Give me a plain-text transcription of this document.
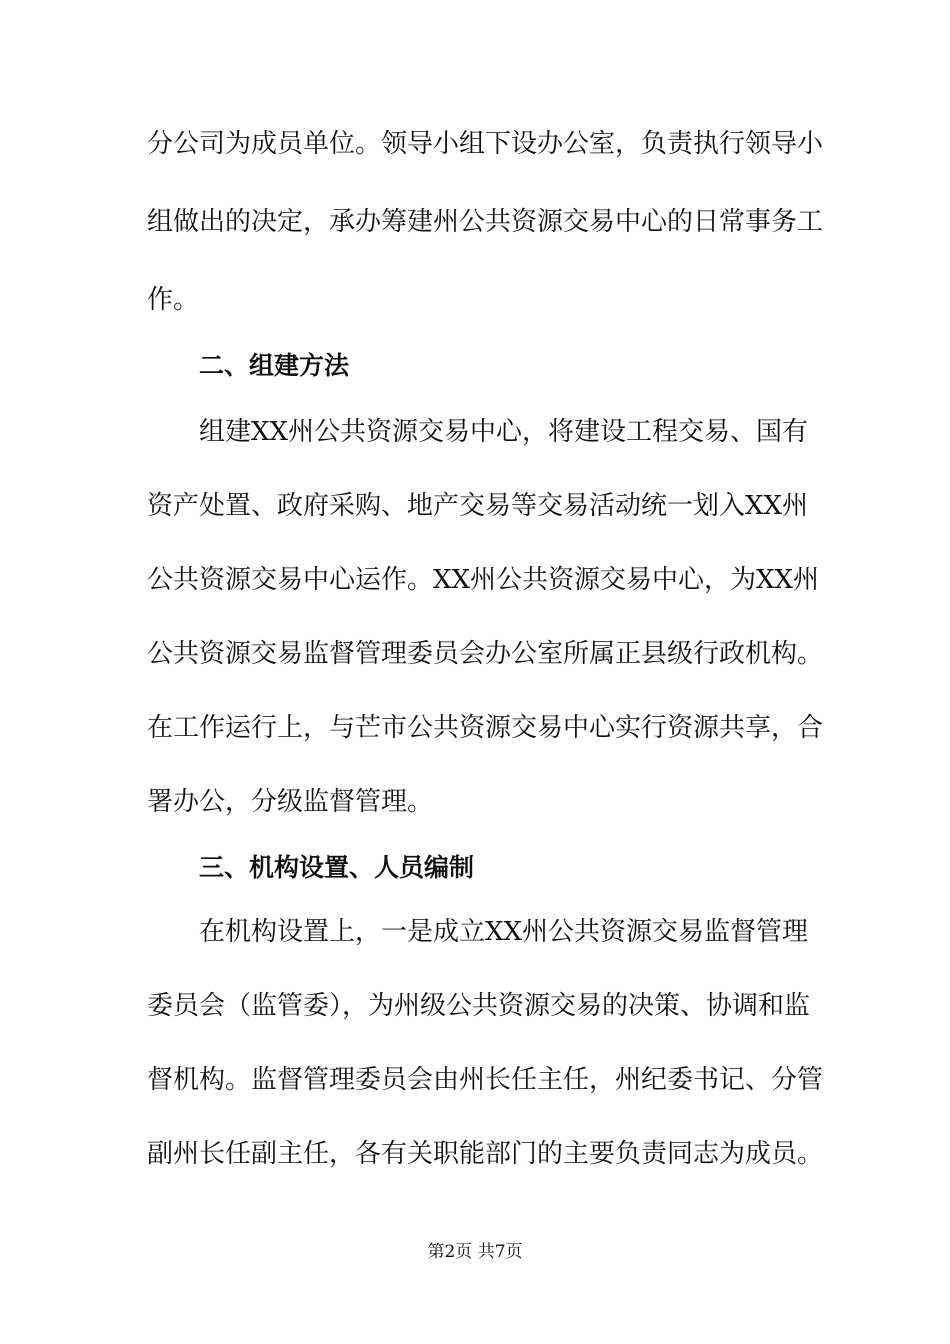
分公司为成员单位。领导小组下设办公室，负责执行领导小
组做出的决定，承办筹建州公共资源交易中心的日常事务工
作。
二、组建方法
组建XX州公共资源交易中心，将建设工程交易、国有
资产处置、政府采购、地产交易等交易活动统一划入XX州
公共资源交易中心运作。XX州公共资源交易中心，为XX州
公共资源交易监督管理委员会办公室所属正县级行政机构。
在工作运行上，与芒市公共资源交易中心实行资源共享，合
署办公，分级监督管理。
三、机构设置、人员编制
在机构设置上，一是成立XX州公共资源交易监督管理
委员会（监管委），为州级公共资源交易的决策、协调和监
督机构。监督管理委员会由州长任主任，州纪委书记、分管
副州长任副主任，各有关职能部门的主要负责同志为成员。
第2页 共7页
